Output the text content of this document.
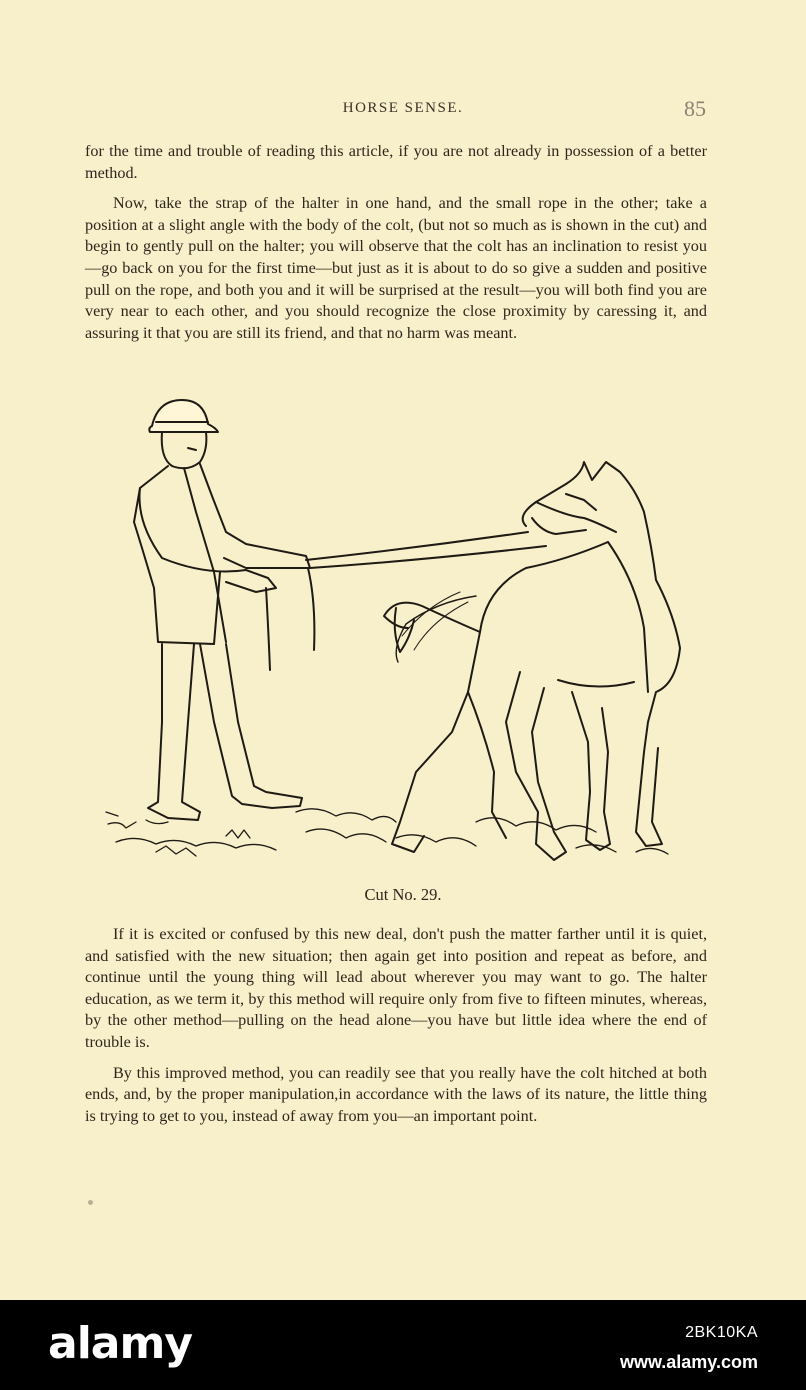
HORSE SENSE.	85

for the time and trouble of reading this article, if you are not already in possession of a better method.

Now, take the strap of the halter in one hand, and the small rope in the other; take a position at a slight angle with the body of the colt, (but not so much as is shown in the cut) and begin to gently pull on the halter; you will observe that the colt has an inclination to resist you—go back on you for the first time—but just as it is about to do so give a sudden and positive pull on the rope, and both you and it will be surprised at the result—you will both find you are very near to each other, and you should recognize the close proximity by caressing it, and assuring it that you are still its friend, and that no harm was meant.

Cut No. 29.

If it is excited or confused by this new deal, don't push the matter farther until it is quiet, and satisfied with the new situation; then again get into position and repeat as before, and continue until the young thing will lead about wherever you may want to go. The halter education, as we term it, by this method will require only from five to fifteen minutes, whereas, by the other method—pulling on the head alone—you have but little idea where the end of trouble is.

By this improved method, you can readily see that you really have the colt hitched at both ends, and, by the proper manipulation,in accordance with the laws of its nature, the little thing is trying to get to you, instead of away from you—an important point.

alamy	2BK10KA
www.alamy.com
